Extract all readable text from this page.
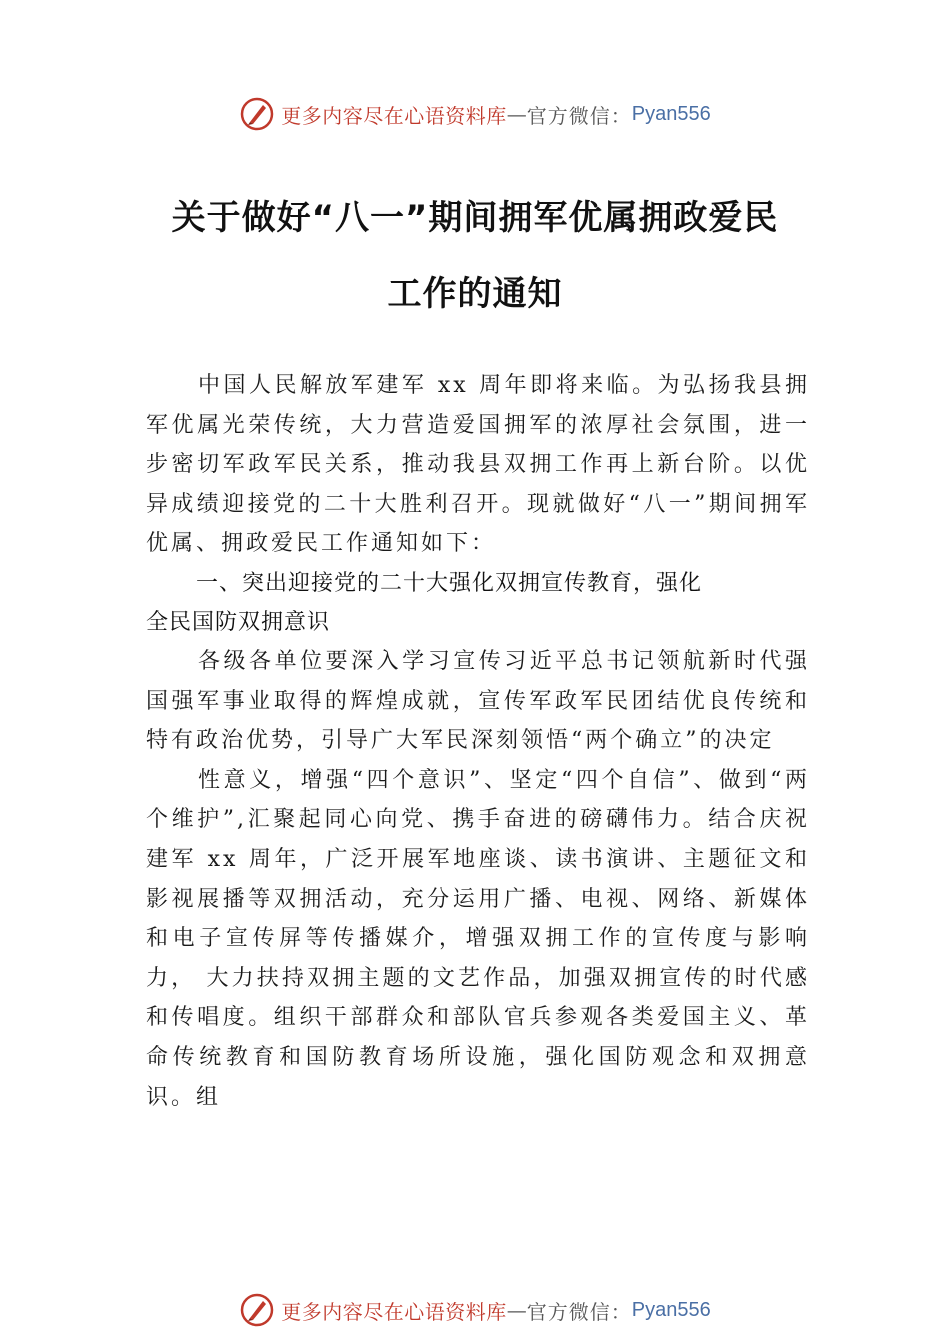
更多内容尽在心语资料库 — 官方微信： Pyan556
关于做好“八一”期间拥军优属拥政爱民
工作的通知

中国人民解放军建军 xx 周年即将来临。为弘扬我县拥军优属光荣传统，大力营造爱国拥军的浓厚社会氛围，进一步密切军政军民关系，推动我县双拥工作再上新台阶。以优异成绩迎接党的二十大胜利召开。现就做好“八一”期间拥军优属、拥政爱民工作通知如下：

一、突出迎接党的二十大强化双拥宣传教育，强化
全民国防双拥意识

各级各单位要深入学习宣传习近平总书记领航新时代强国强军事业取得的辉煌成就，宣传军政军民团结优良传统和特有政治优势，引导广大军民深刻领悟“两个确立”的决定

性意义，增强“四个意识”、坚定“四个自信”、做到“两个维护”,汇聚起同心向党、携手奋进的磅礴伟力。结合庆祝建军 xx 周年，广泛开展军地座谈、读书演讲、主题征文和影视展播等双拥活动，充分运用广播、电视、网络、新媒体和电子宣传屏等传播媒介，增强双拥工作的宣传度与影响力， 大力扶持双拥主题的文艺作品，加强双拥宣传的时代感和传唱度。组织干部群众和部队官兵参观各类爱国主义、革命传统教育和国防教育场所设施，强化国防观念和双拥意识。组

更多内容尽在心语资料库 — 官方微信： Pyan556
